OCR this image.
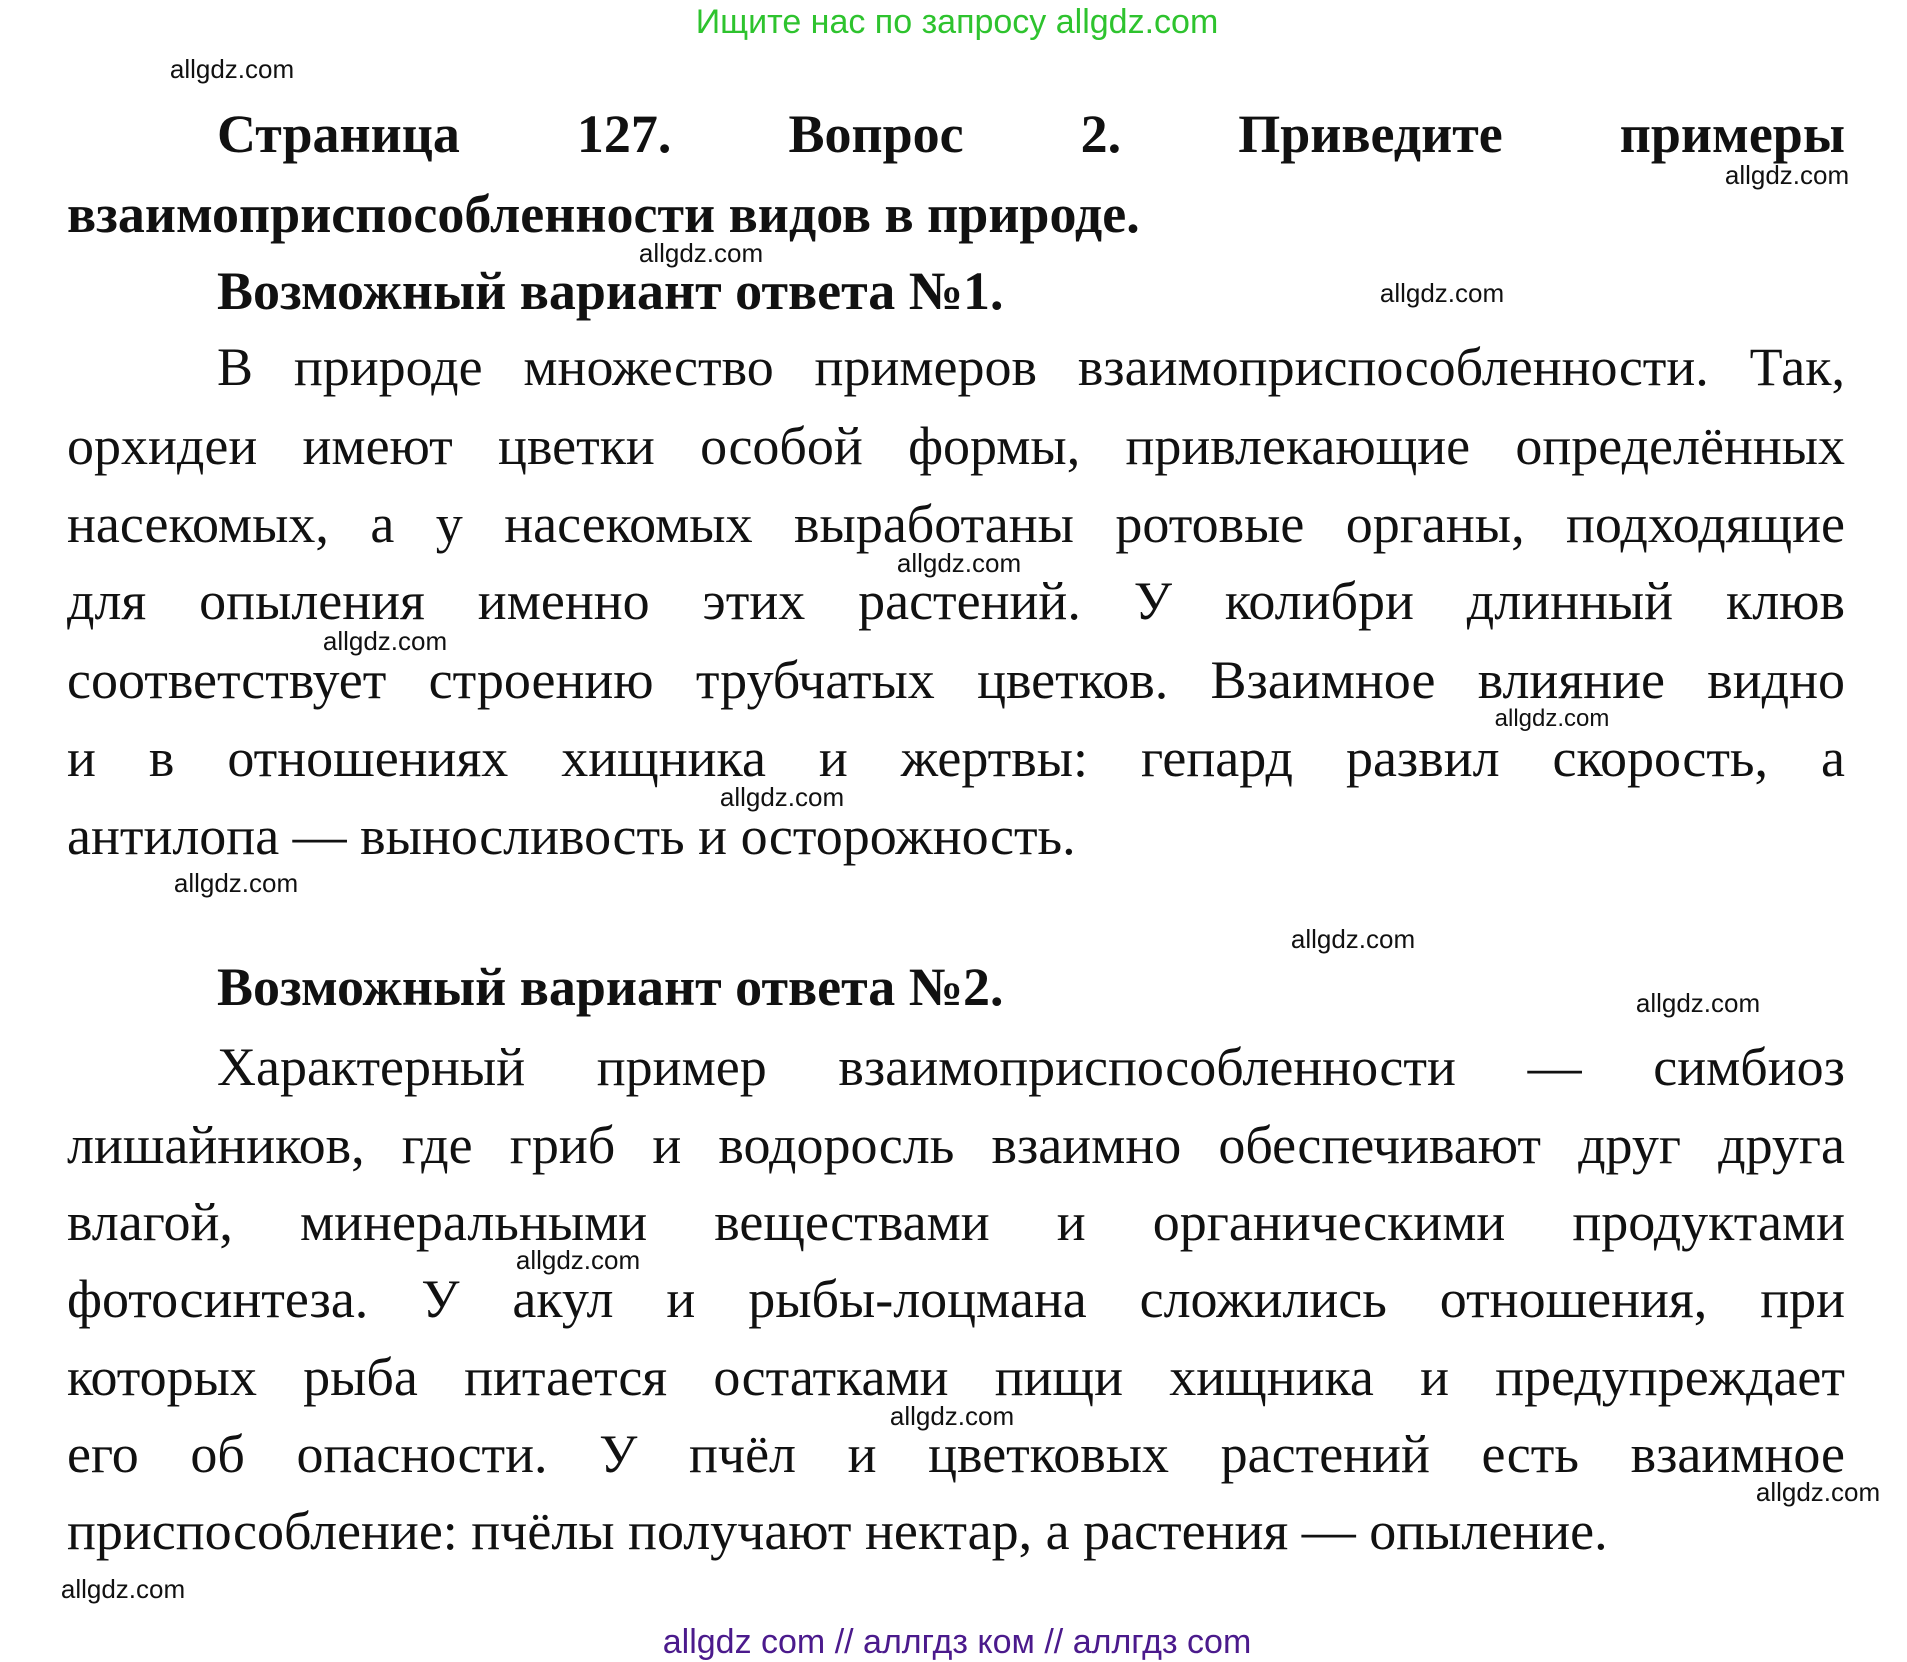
Ищите нас по запросу allgdz.com
Страница 127. Вопрос 2. Приведите примеры
взаимоприспособленности видов в природе.
Возможный вариант ответа №1.
В природе множество примеров взаимоприспособленности. Так,
орхидеи имеют цветки особой формы, привлекающие определённых
насекомых, а у насекомых выработаны ротовые органы, подходящие
для опыления именно этих растений. У колибри длинный клюв
соответствует строению трубчатых цветков. Взаимное влияние видно
и в отношениях хищника и жертвы: гепард развил скорость, а
антилопа — выносливость и осторожность.
Возможный вариант ответа №2.
Характерный пример взаимоприспособленности — симбиоз
лишайников, где гриб и водоросль взаимно обеспечивают друг друга
влагой, минеральными веществами и органическими продуктами
фотосинтеза. У акул и рыбы-лоцмана сложились отношения, при
которых рыба питается остатками пищи хищника и предупреждает
его об опасности. У пчёл и цветковых растений есть взаимное
приспособление: пчёлы получают нектар, а растения — опыление.
allgdz.com
allgdz.com
allgdz.com
allgdz.com
allgdz.com
allgdz.com
allgdz.com
allgdz.com
allgdz.com
allgdz.com
allgdz.com
allgdz.com
allgdz.com
allgdz.com
allgdz.com
allgdz com // аллгдз ком // аллгдз com
